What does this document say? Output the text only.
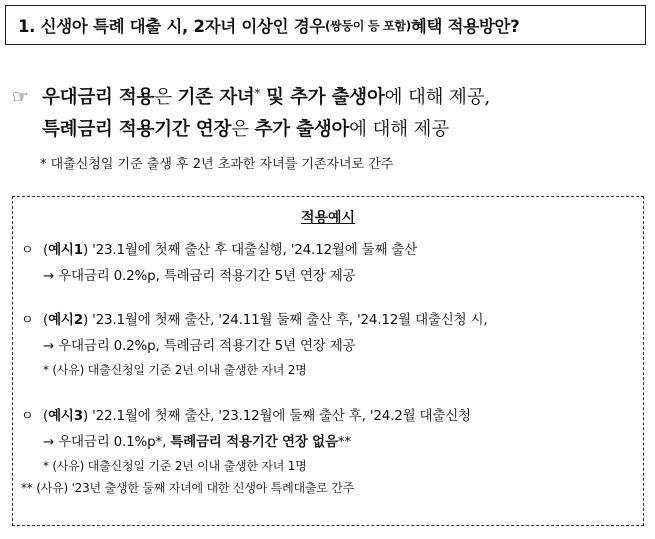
1. 신생아 특례 대출 시, 2자녀 이상인 경우 (쌍둥이 등 포함) 혜택 적용방안?
☞ 우대금리 적용은 기존 자녀* 및 추가 출생아에 대해 제공,
특례금리 적용기간 연장은 추가 출생아에 대해 제공
* 대출신청일 기준 출생 후 2년 초과한 자녀를 기존자녀로 간주
적용예시
ㅇ (예시1) '23.1월에 첫째 출산 후 대출실행, '24.12월에 둘째 출산
→ 우대금리 0.2%p, 특례금리 적용기간 5년 연장 제공
ㅇ (예시2) '23.1월에 첫째 출산, '24.11월 둘째 출산 후, '24.12월 대출신청 시,
→ 우대금리 0.2%p, 특례금리 적용기간 5년 연장 제공
* (사유) 대출신청일 기준 2년 이내 출생한 자녀 2명
ㅇ (예시3) '22.1월에 첫째 출산, '23.12월에 둘째 출산 후, '24.2월 대출신청
→ 우대금리 0.1%p*, 특례금리 적용기간 연장 없음**
* (사유) 대출신청일 기준 2년 이내 출생한 자녀 1명
** (사유) '23년 출생한 둘째 자녀에 대한 신생아 특례대출로 간주
